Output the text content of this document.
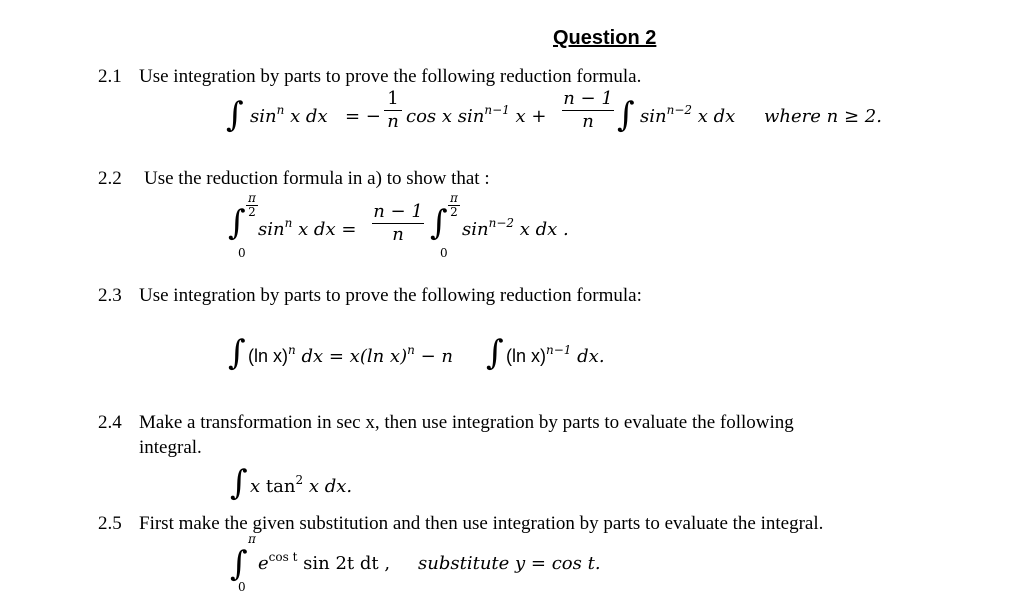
Question 2
2.1 Use integration by parts to prove the following reduction formula.
∫ $\sin^n x$ dx = −
1
n cos x $\sin^{n-1} x$ +
n − 1
n ∫ $\sin^{n-2} x$ dx where n ≥ 2.
2.2 Use the reduction formula in a) to show that :
∫
π
2
0
$\sin^n x$ dx =
n − 1
n ∫
π
2
0
$\sin^{n-2} x$ dx .
2.3 Use integration by parts to prove the following reduction formula:
∫ (ln x)$^n$ dx = x(ln x)$^n$ − n ∫ (ln x)$^{n-1}$ dx.
2.4 Make a transformation in sec x, then use integration by parts to evaluate the following
integral.
∫ x $\tan^2 x$ dx.
2.5 First make the given substitution and then use integration by parts to evaluate the integral.
∫
π
0
$e^{cos t}$ sin 2t dt , substitute y = cos t.
